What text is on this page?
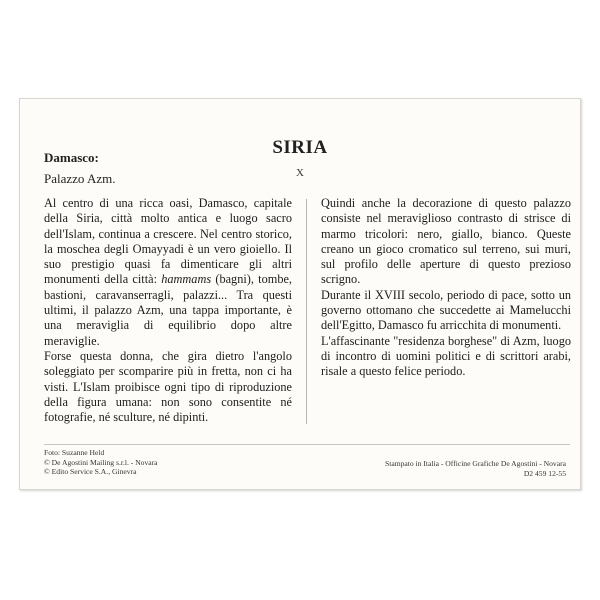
SIRIA
X
Damasco:
Palazzo Azm.

Al centro di una ricca oasi, Damasco, capitale della Siria, città molto antica e luogo sacro dell'Islam, continua a crescere. Nel centro storico, la moschea degli Omayyadi è un vero gioiello. Il suo prestigio quasi fa dimenticare gli altri monumenti della città: hammams (bagni), tombe, bastioni, caravanserragli, palazzi... Tra questi ultimi, il palazzo Azm, una tappa importante, è una meraviglia di equilibrio dopo altre meraviglie.

Forse questa donna, che gira dietro l'angolo soleggiato per scomparire più in fretta, non ci ha visti. L'Islam proibisce ogni tipo di riproduzione della figura umana: non sono consentite né fotografie, né sculture, né dipinti.

Quindi anche la decorazione di questo palazzo consiste nel meraviglioso contrasto di strisce di marmo tricolori: nero, giallo, bianco. Queste creano un gioco cromatico sul terreno, sui muri, sul profilo delle aperture di questo prezioso scrigno.

Durante il XVIII secolo, periodo di pace, sotto un governo ottomano che succedette ai Mamelucchi dell'Egitto, Damasco fu arricchita di monumenti.

L'affascinante "residenza borghese" di Azm, luogo di incontro di uomini politici e di scrittori arabi, risale a questo felice periodo.

Foto: Suzanne Held
© De Agostini Mailing s.r.l. - Novara
© Edito Service S.A., Ginevra
Stampato in Italia - Officine Grafiche De Agostini - Novara
D2 459 12-55
